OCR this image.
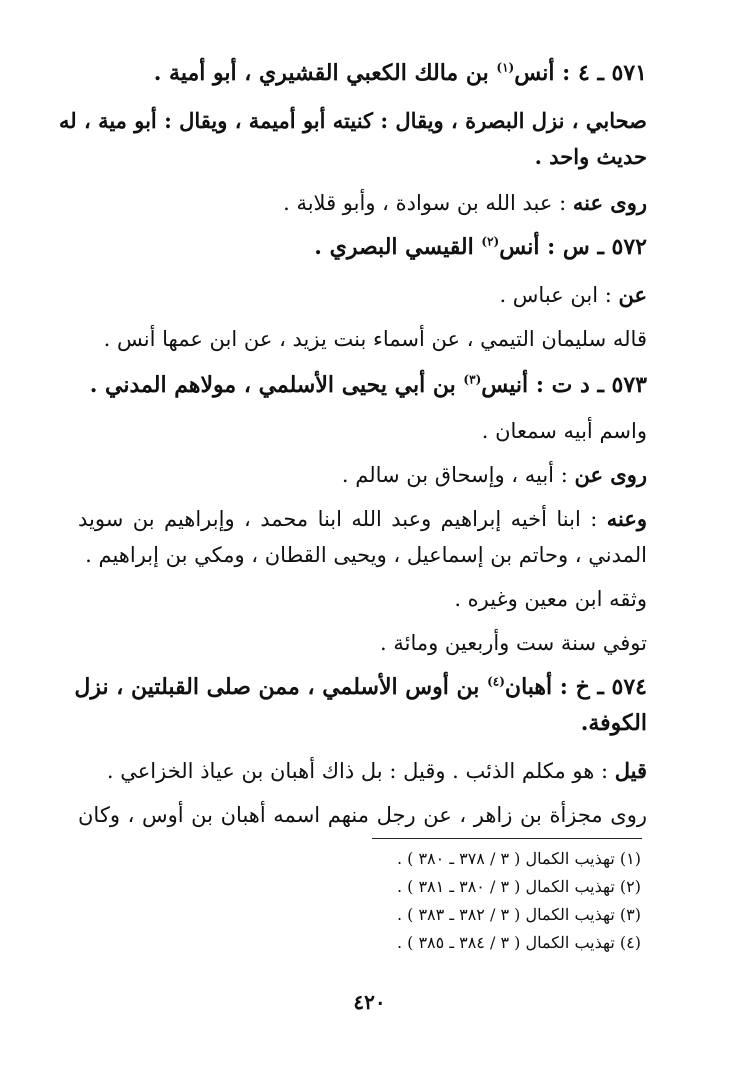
٥٧١ ـ ٤ : أنس$^{(١)}$ بن مالك الكعبي القشيري ، أبو أمية .
صحابي ، نزل البصرة ، ويقال : كنيته أبو أميمة ، ويقال : أبو مية ، له
حديث واحد .
روى عنه : عبد الله بن سوادة ، وأبو قلابة .
٥٧٢ ـ س : أنس$^{(٢)}$ القيسي البصري .
عن : ابن عباس .
قاله سليمان التيمي ، عن أسماء بنت يزيد ، عن ابن عمها أنس .
٥٧٣ ـ د ت : أنيس$^{(٣)}$ بن أبي يحيى الأسلمي ، مولاهم المدني .
واسم أبيه سمعان .
روى عن : أبيه ، وإسحاق بن سالم .
وعنه : ابنا أخيه إبراهيم وعبد الله ابنا محمد ، وإبراهيم بن سويد
المدني ، وحاتم بن إسماعيل ، ويحيى القطان ، ومكي بن إبراهيم .
وثقه ابن معين وغيره .
توفي سنة ست وأربعين ومائة .
٥٧٤ ـ خ : أهبان$^{(٤)}$ بن أوس الأسلمي ، ممن صلى القبلتين ، نزل
الكوفة.
قيل : هو مكلم الذئب . وقيل : بل ذاك أهبان بن عياذ الخزاعي .
روى مجزأة بن زاهر ، عن رجل منهم اسمه أهبان بن أوس ، وكان
(١) تهذيب الكمال ( ٣ / ٣٧٨ ـ ٣٨٠ ) .
(٢) تهذيب الكمال ( ٣ / ٣٨٠ ـ ٣٨١ ) .
(٣) تهذيب الكمال ( ٣ / ٣٨٢ ـ ٣٨٣ ) .
(٤) تهذيب الكمال ( ٣ / ٣٨٤ ـ ٣٨٥ ) .
٤٢٠
